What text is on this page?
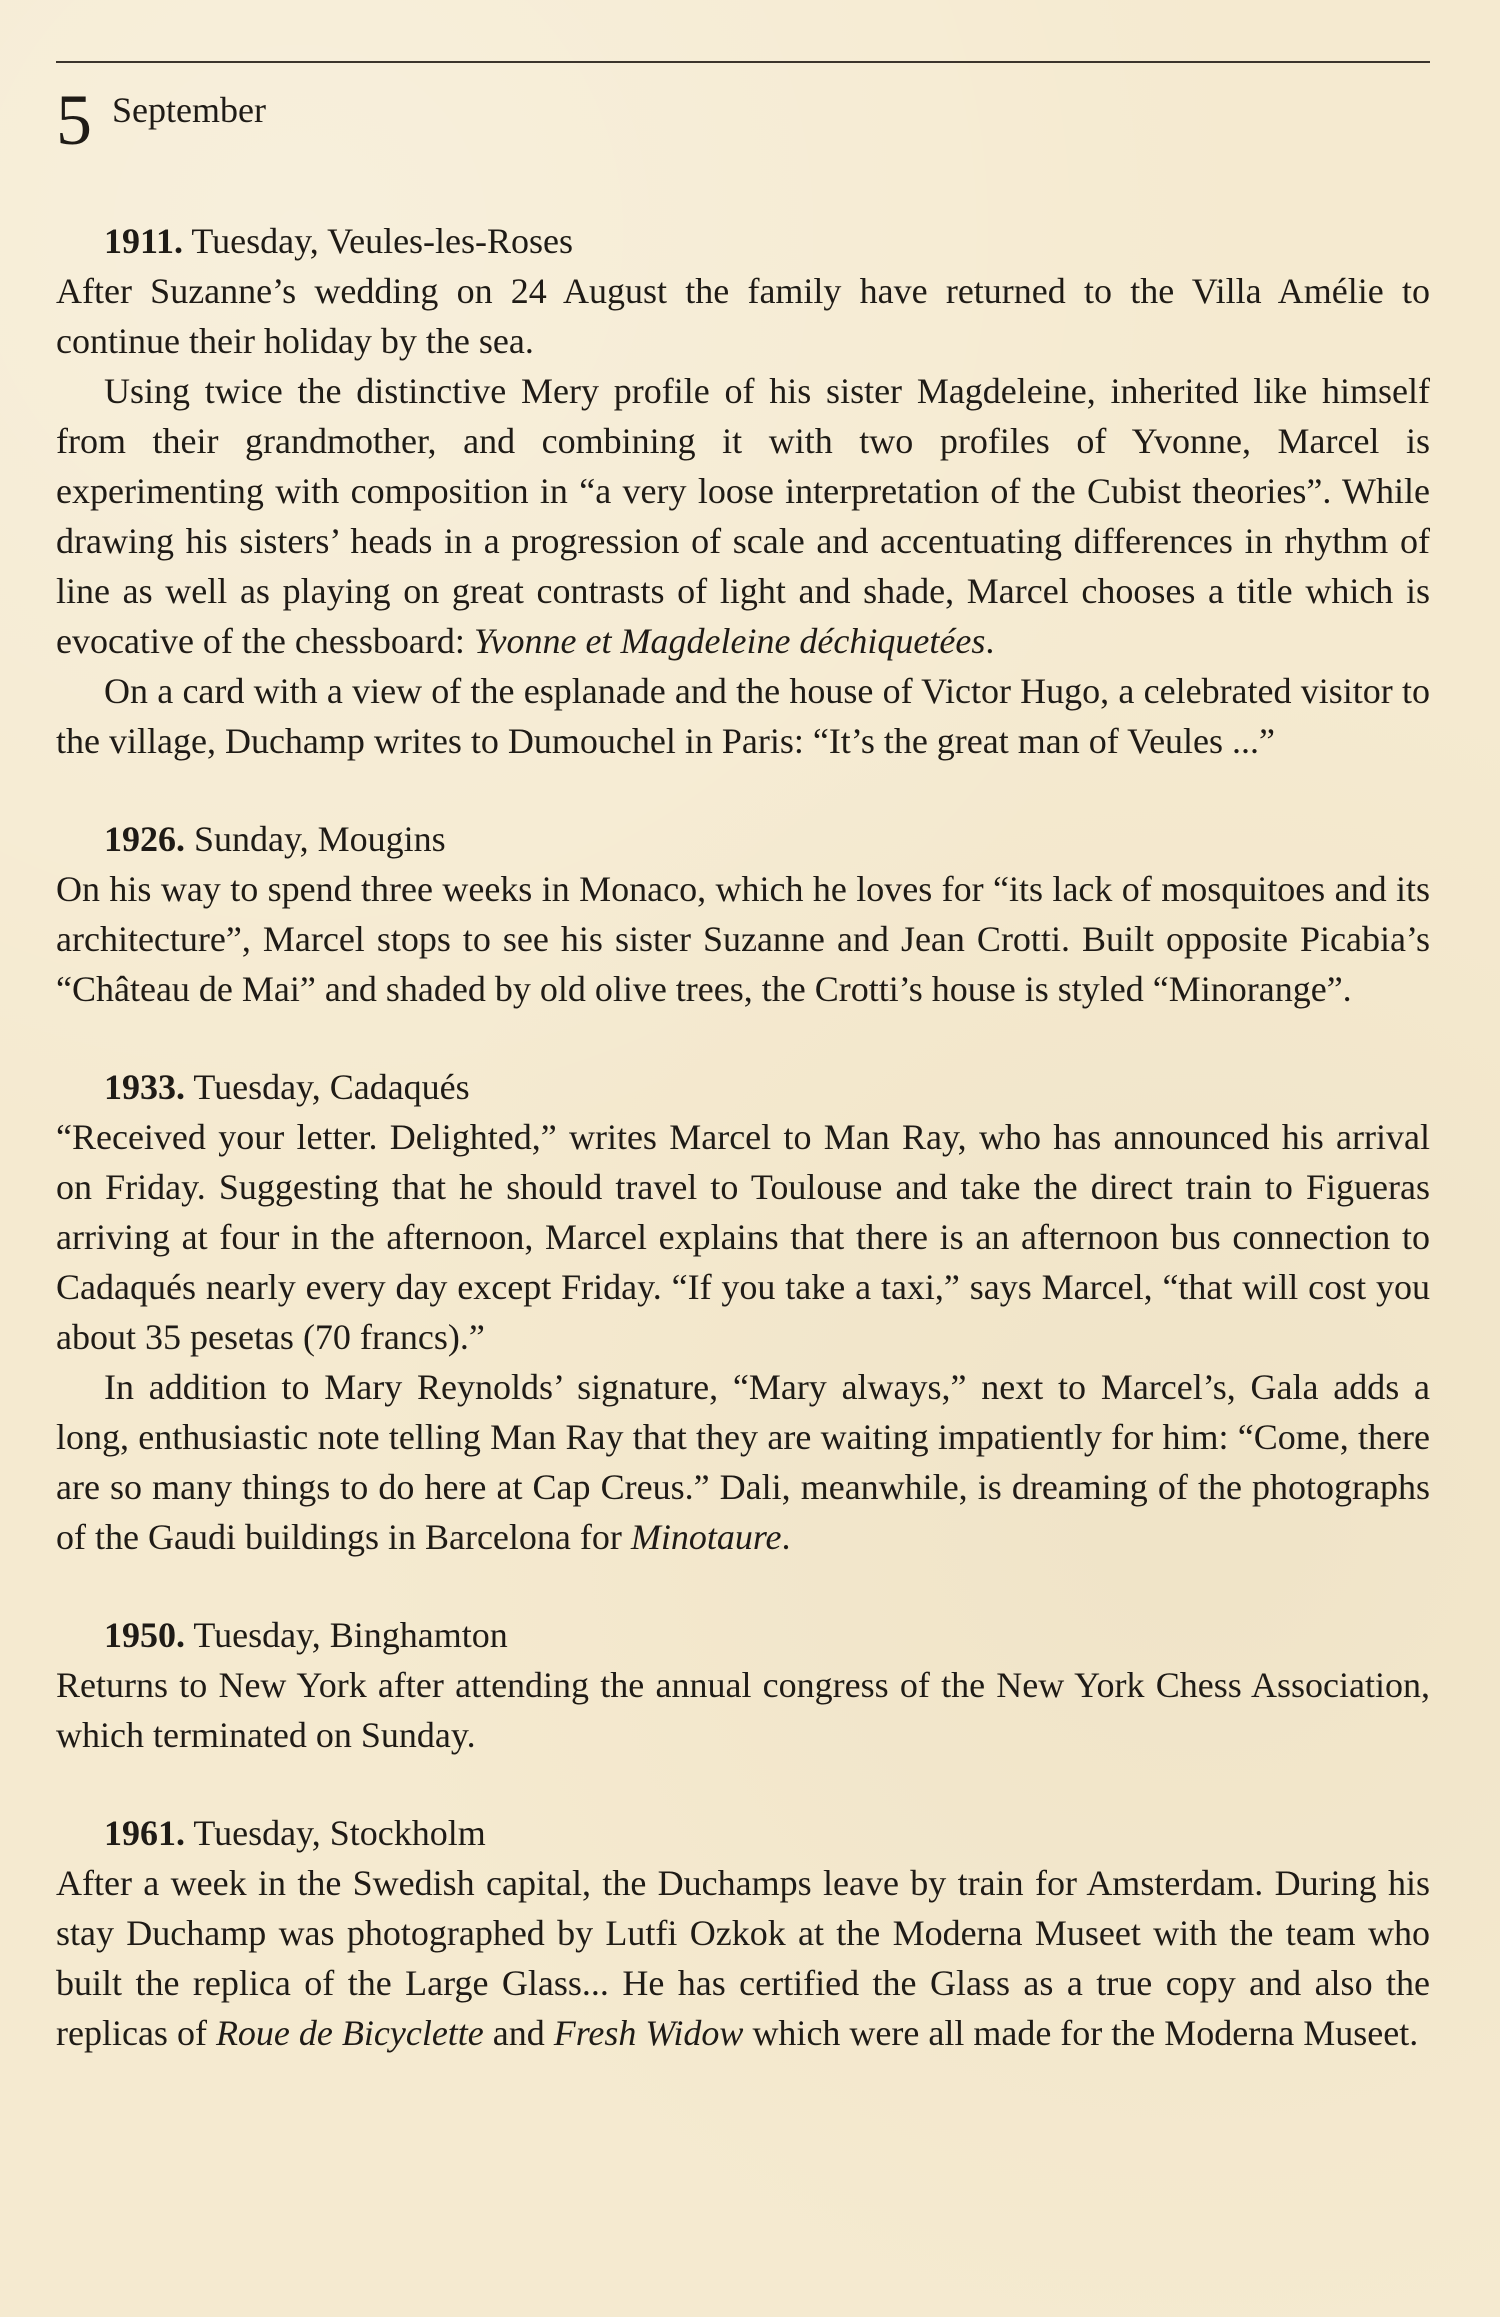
5 September
1911. Tuesday, Veules-les-Roses

After Suzanne’s wedding on 24 August the family have returned to the Villa Amélie to continue their holiday by the sea.

Using twice the distinctive Mery profile of his sister Magdeleine, inherited like himself from their grandmother, and combining it with two profiles of Yvonne, Marcel is experimenting with composition in “a very loose interpretation of the Cubist theories”. While drawing his sisters’ heads in a progression of scale and accentuating differences in rhythm of line as well as playing on great contrasts of light and shade, Marcel chooses a title which is evocative of the chessboard: Yvonne et Magdeleine déchiquetées.

On a card with a view of the esplanade and the house of Victor Hugo, a celebrated visitor to the village, Duchamp writes to Dumouchel in Paris: “It’s the great man of Veules ...”

1926. Sunday, Mougins

On his way to spend three weeks in Monaco, which he loves for “its lack of mosquitoes and its architecture”, Marcel stops to see his sister Suzanne and Jean Crotti. Built opposite Picabia’s “Château de Mai” and shaded by old olive trees, the Crotti’s house is styled “Minorange”.

1933. Tuesday, Cadaqués

“Received your letter. Delighted,” writes Marcel to Man Ray, who has announced his arrival on Friday. Suggesting that he should travel to Toulouse and take the direct train to Figueras arriving at four in the afternoon, Marcel explains that there is an afternoon bus connection to Cadaqués nearly every day except Friday. “If you take a taxi,” says Marcel, “that will cost you about 35 pesetas (70 francs).”

In addition to Mary Reynolds’ signature, “Mary always,” next to Marcel’s, Gala adds a long, enthusiastic note telling Man Ray that they are waiting impatiently for him: “Come, there are so many things to do here at Cap Creus.” Dali, meanwhile, is dreaming of the photographs of the Gaudi buildings in Barcelona for Minotaure.

1950. Tuesday, Binghamton

Returns to New York after attending the annual congress of the New York Chess Association, which terminated on Sunday.

1961. Tuesday, Stockholm

After a week in the Swedish capital, the Duchamps leave by train for Amsterdam. During his stay Duchamp was photographed by Lutfi Ozkok at the Moderna Museet with the team who built the replica of the Large Glass... He has certified the Glass as a true copy and also the replicas of Roue de Bicyclette and Fresh Widow which were all made for the Moderna Museet.
